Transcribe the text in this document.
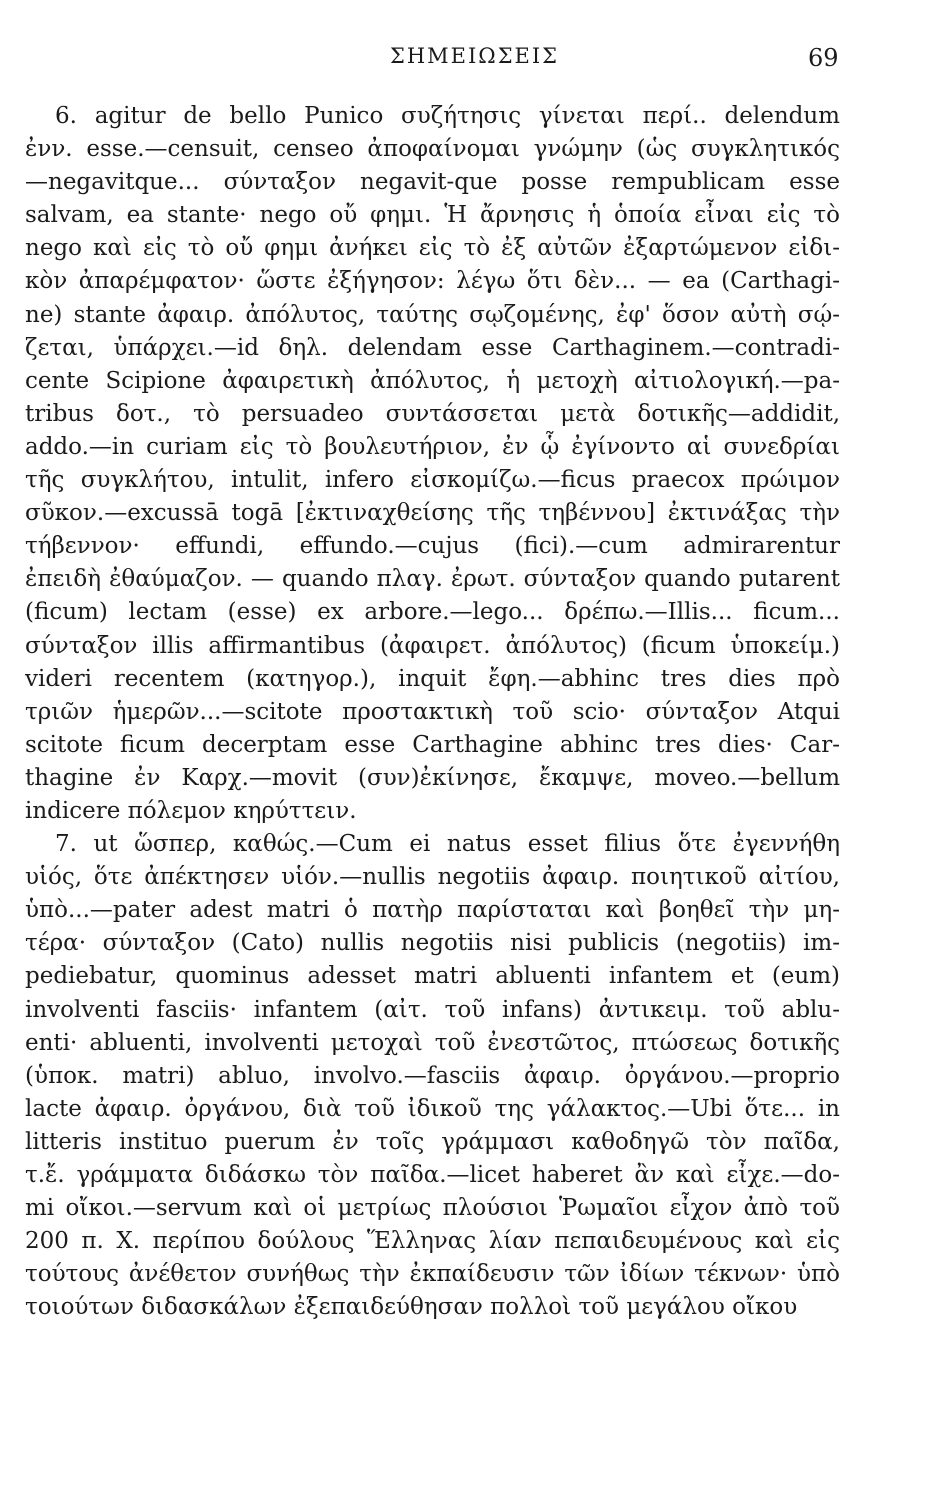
ΣΗΜΕΙΩΣΕΙΣ	69
6. agitur de bello Punico συζήτησις γίνεται περί.. delendum
ἐνν. esse.—censuit, censeo ἀποφαίνομαι γνώμην (ὡς συγκλητικός
—negavitque... σύνταξον negavit-que posse rempublicam esse
salvam, ea stante· nego οὔ φημι. Ἡ ἄρνησις ἡ ὁποία εἶναι εἰς τὸ
nego καὶ εἰς τὸ οὔ φημι ἀνήκει εἰς τὸ ἐξ αὐτῶν ἐξαρτώμενον εἰδι-
κὸν ἀπαρέμφατον· ὥστε ἐξήγησον: λέγω ὅτι δὲν... — ea (Carthagi-
ne) stante ἀφαιρ. ἀπόλυτος, ταύτης σῳζομένης, ἐφ' ὅσον αὐτὴ σῴ-
ζεται, ὑπάρχει.—id δηλ. delendam esse Carthaginem.—contradi-
cente Scipione ἀφαιρετικὴ ἀπόλυτος, ἡ μετοχὴ αἰτιολογική.—pa-
tribus δοτ., τὸ persuadeo συντάσσεται μετὰ δοτικῆς—addidit,
addo.—in curiam εἰς τὸ βουλευτήριον, ἐν ᾧ ἐγίνοντο αἱ συνεδρίαι
τῆς συγκλήτου, intulit, infero εἰσκομίζω.—ficus praecox πρώιμον
σῦκον.—excussā togā [ἐκτιναχθείσης τῆς τηβέννου] ἐκτινάξας τὴν
τήβεννον· effundi, effundo.—cujus (fici).—cum admirarentur
ἐπειδὴ ἐθαύμαζον. — quando πλαγ. ἐρωτ. σύνταξον quando putarent
(ficum) lectam (esse) ex arbore.—lego... δρέπω.—Illis... ficum...
σύνταξον illis affirmantibus (ἀφαιρετ. ἀπόλυτος) (ficum ὑποκείμ.)
videri recentem (κατηγορ.), inquit ἔφη.—abhinc tres dies πρὸ
τριῶν ἡμερῶν...—scitote προστακτικὴ τοῦ scio· σύνταξον Atqui
scitote ficum decerptam esse Carthagine abhinc tres dies· Car-
thagine ἐν Καρχ.—movit (συν)ἐκίνησε, ἔκαμψε, moveo.—bellum
indicere πόλεμον κηρύττειν.
7. ut ὥσπερ, καθώς.—Cum ei natus esset filius ὅτε ἐγεννήθη
υἱός, ὅτε ἀπέκτησεν υἱόν.—nullis negotiis ἀφαιρ. ποιητικοῦ αἰτίου,
ὑπὸ...—pater adest matri ὁ πατὴρ παρίσταται καὶ βοηθεῖ τὴν μη-
τέρα· σύνταξον (Cato) nullis negotiis nisi publicis (negotiis) im-
pediebatur, quominus adesset matri abluenti infantem et (eum)
involventi fasciis· infantem (αἰτ. τοῦ infans) ἀντικειμ. τοῦ ablu-
enti· abluenti, involventi μετοχαὶ τοῦ ἐνεστῶτος, πτώσεως δοτικῆς
(ὑποκ. matri) abluo, involvo.—fasciis ἀφαιρ. ὀργάνου.—proprio
lacte ἀφαιρ. ὀργάνου, διὰ τοῦ ἰδικοῦ της γάλακτος.—Ubi ὅτε... in
litteris instituo puerum ἐν τοῖς γράμμασι καθοδηγῶ τὸν παῖδα,
τ.ἔ. γράμματα διδάσκω τὸν παῖδα.—licet haberet ἂν καὶ εἶχε.—do-
mi οἴκοι.—servum καὶ οἱ μετρίως πλούσιοι Ῥωμαῖοι εἶχον ἀπὸ τοῦ
200 π. Χ. περίπου δούλους Ἕλληνας λίαν πεπαιδευμένους καὶ εἰς
τούτους ἀνέθετον συνήθως τὴν ἐκπαίδευσιν τῶν ἰδίων τέκνων· ὑπὸ
τοιούτων διδασκάλων ἐξεπαιδεύθησαν πολλοὶ τοῦ μεγάλου οἴκου
